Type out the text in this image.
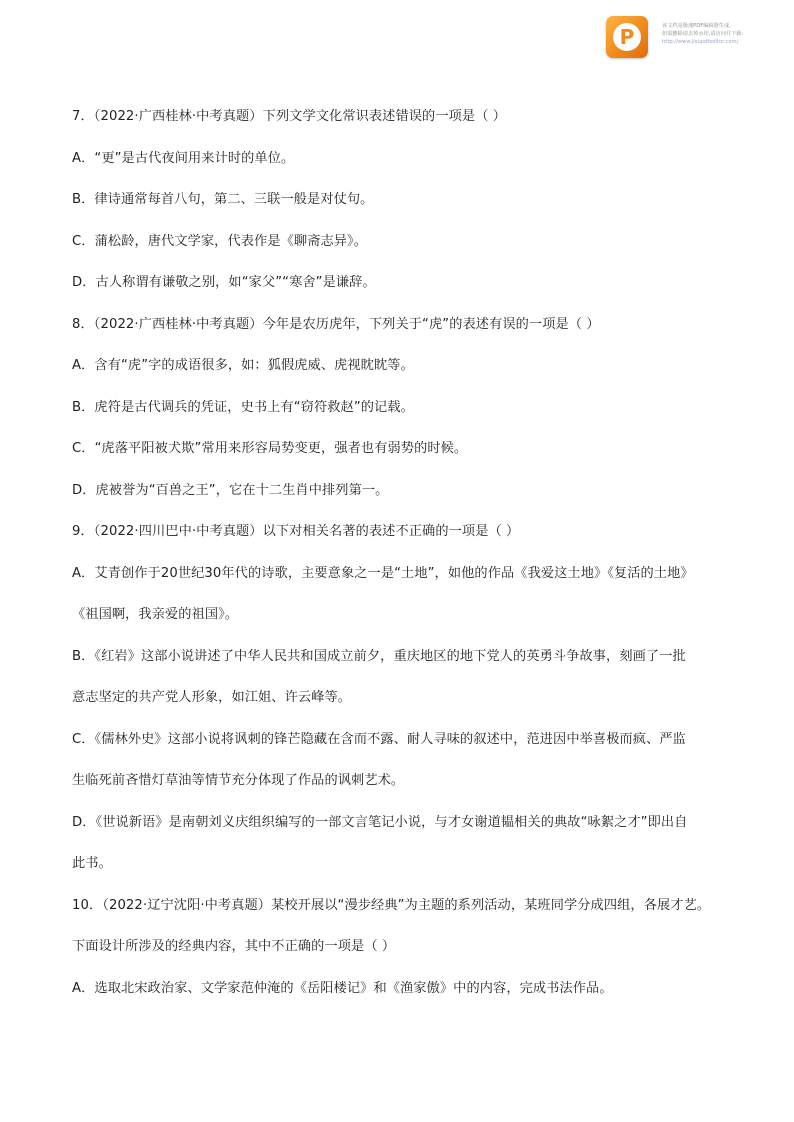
P	该文档是极速PDF编辑器生成,
如需删除请去掉水印,请访问并下载:
http://www.jisupdfeditor.com/
7．（2022·广西桂林·中考真题）下列文学文化常识表述错误的一项是（ ）
A．“更”是古代夜间用来计时的单位。
B．律诗通常每首八句，第二、三联一般是对仗句。
C．蒲松龄，唐代文学家，代表作是《聊斋志异》。
D．古人称谓有谦敬之别，如“家父”“寒舍”是谦辞。
8．（2022·广西桂林·中考真题）今年是农历虎年，下列关于“虎”的表述有误的一项是（ ）
A．含有“虎”字的成语很多，如：狐假虎威、虎视眈眈等。
B．虎符是古代调兵的凭证，史书上有“窃符救赵”的记载。
C．“虎落平阳被犬欺”常用来形容局势变更，强者也有弱势的时候。
D．虎被誉为“百兽之王”，它在十二生肖中排列第一。
9．（2022·四川巴中·中考真题）以下对相关名著的表述不正确的一项是（ ）
A．艾青创作于20世纪30年代的诗歌，主要意象之一是“土地”，如他的作品《我爱这土地》《复活的土地》
《祖国啊，我亲爱的祖国》。
B．《红岩》这部小说讲述了中华人民共和国成立前夕，重庆地区的地下党人的英勇斗争故事，刻画了一批
意志坚定的共产党人形象，如江姐、许云峰等。
C．《儒林外史》这部小说将讽刺的锋芒隐藏在含而不露、耐人寻味的叙述中，范进因中举喜极而疯、严监
生临死前吝惜灯草油等情节充分体现了作品的讽刺艺术。
D．《世说新语》是南朝刘义庆组织编写的一部文言笔记小说，与才女谢道韫相关的典故“咏絮之才”即出自
此书。
10．（2022·辽宁沈阳·中考真题）某校开展以“漫步经典”为主题的系列活动，某班同学分成四组，各展才艺。
下面设计所涉及的经典内容，其中不正确的一项是（ ）
A．选取北宋政治家、文学家范仲淹的《岳阳楼记》和《渔家傲》中的内容，完成书法作品。
